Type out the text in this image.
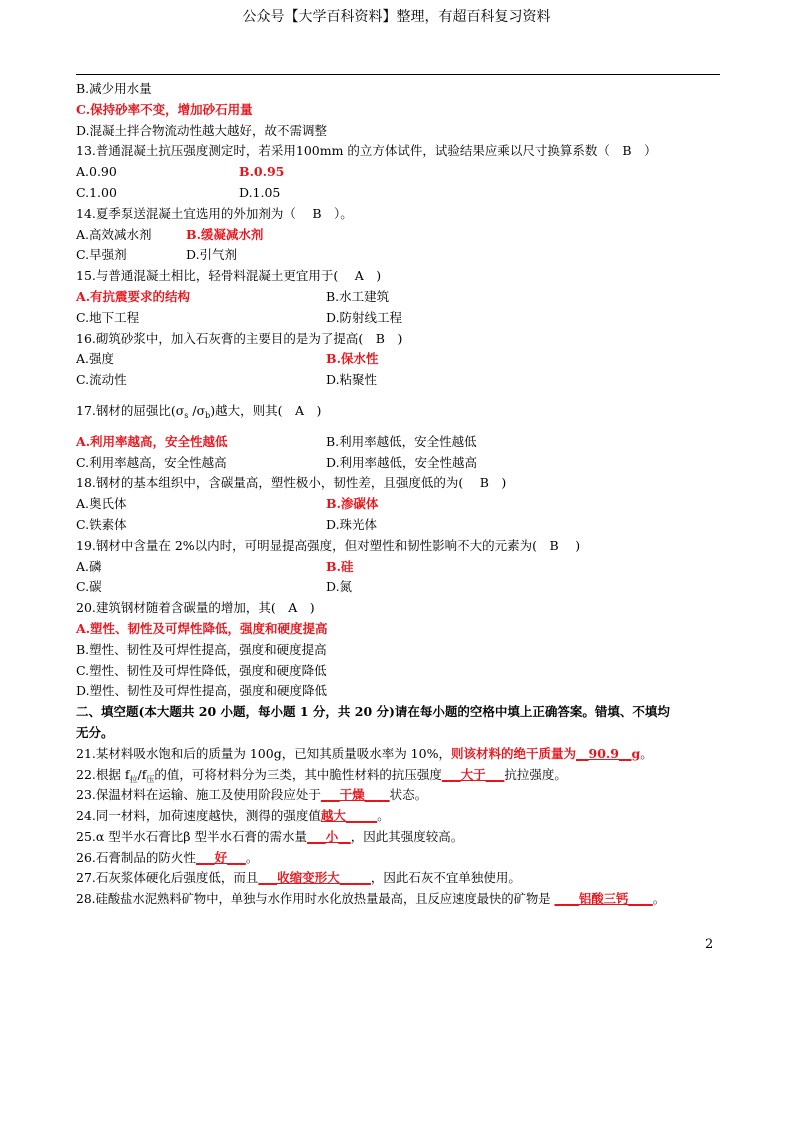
公众号【大学百科资料】整理，有超百科复习资料
B.减少用水量
C.保持砂率不变，增加砂石用量
D.混凝土拌合物流动性越大越好，故不需调整
13.普通混凝土抗压强度测定时，若采用100mm 的立方体试件，试验结果应乘以尺寸换算系数（　B　）
A.0.90	B.0.95
C.1.00	D.1.05
14.夏季泵送混凝土宜选用的外加剂为（　 B　）。
A.高效减水剂	B.缓凝减水剂
C.早强剂	D.引气剂
15.与普通混凝土相比，轻骨料混凝土更宜用于(　 A　)
A.有抗震要求的结构	B.水工建筑
C.地下工程	D.防射线工程
16.砌筑砂浆中，加入石灰膏的主要目的是为了提高(　B　)
A.强度	B.保水性
C.流动性	D.粘聚性
17.钢材的屈强比($\sigma_s$ $/\sigma_b$)越大，则其(　A　)
A.利用率越高，安全性越低	B.利用率越低，安全性越低
C.利用率越高，安全性越高	D.利用率越低，安全性越高
18.钢材的基本组织中，含碳量高，塑性极小，韧性差，且强度低的为(　 B　)
A.奥氏体	B.渗碳体
C.铁素体	D.珠光体
19.钢材中含量在 2%以内时，可明显提高强度，但对塑性和韧性影响不大的元素为(　B　 )
A.磷	B.硅
C.碳	D.氮
20.建筑钢材随着含碳量的增加，其(　A　)
A.塑性、韧性及可焊性降低，强度和硬度提高
B.塑性、韧性及可焊性提高，强度和硬度提高
C.塑性、韧性及可焊性降低，强度和硬度降低
D.塑性、韧性及可焊性提高，强度和硬度降低
二、填空题(本大题共 20 小题，每小题 1 分，共 20 分)请在每小题的空格中填上正确答案。错填、不填均
无分。
21.某材料吸水饱和后的质量为 100g，已知其质量吸水率为 10%，则该材料的绝干质量为__90.9__g。
22.根据 $f_拉/f_压$的值，可将材料分为三类，其中脆性材料的抗压强度___大于___抗拉强度。
23.保温材料在运输、施工及使用阶段应处于___干燥____状态。
24.同一材料，加荷速度越快，测得的强度值越大_____。
25.α 型半水石膏比β 型半水石膏的需水量___小__，因此其强度较高。
26.石膏制品的防火性___好___。
27.石灰浆体硬化后强度低，而且___收缩变形大_____，因此石灰不宜单独使用。
28.硅酸盐水泥熟料矿物中，单独与水作用时水化放热量最高，且反应速度最快的矿物是 ____铝酸三钙____。
2
